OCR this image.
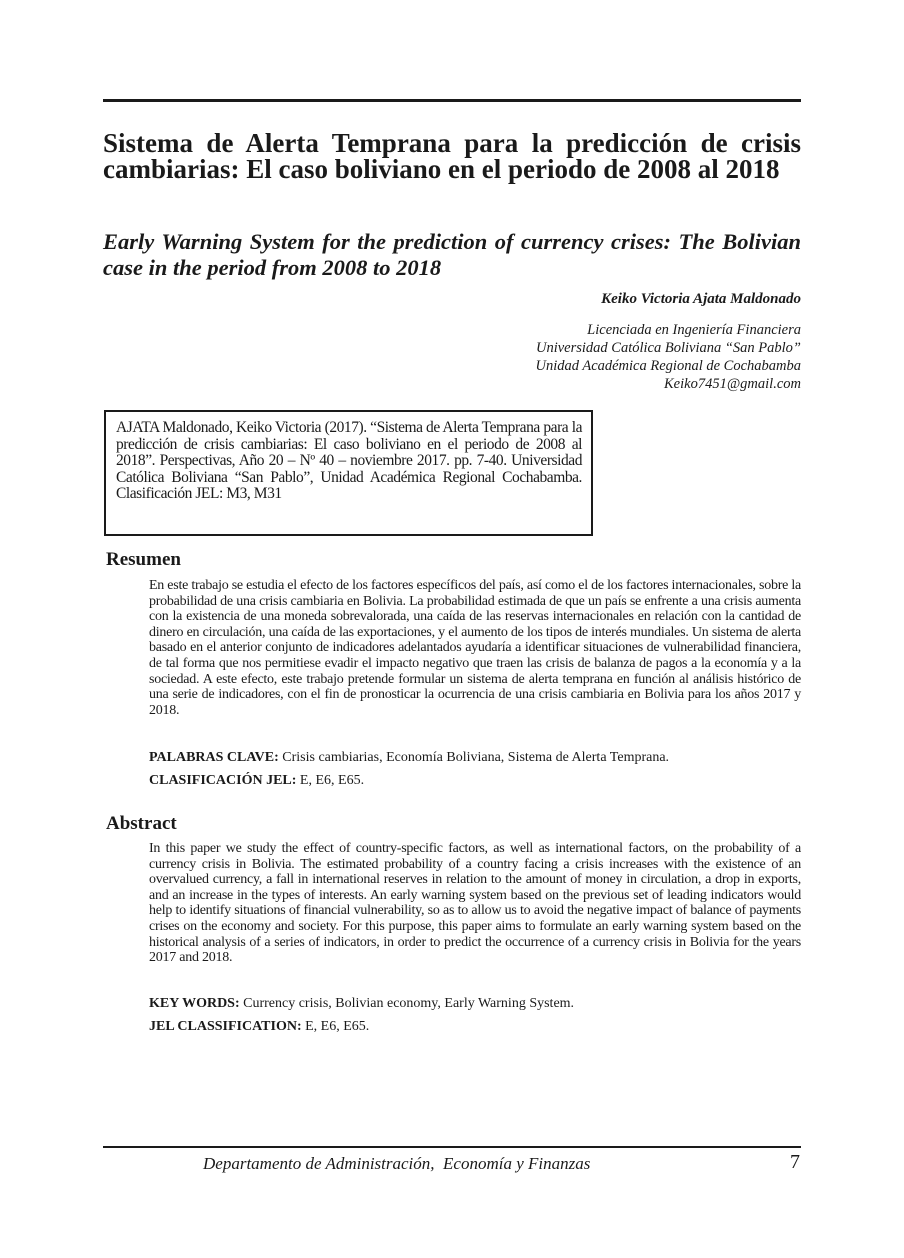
Sistema de Alerta Temprana para la predicción de crisis cambiarias: El caso boliviano en el periodo de 2008 al 2018
Early Warning System for the prediction of currency crises: The Bolivian case in the period from 2008 to 2018

Keiko Victoria Ajata Maldonado

Licenciada en Ingeniería Financiera
Universidad Católica Boliviana “San Pablo”
Unidad Académica Regional de Cochabamba
Keiko7451@gmail.com
AJATA Maldonado, Keiko Victoria (2017). “Sistema de Alerta Temprana para la predicción de crisis cambiarias: El caso boliviano en el periodo de 2008 al 2018”. Perspectivas, Año 20 – Nº 40 – noviembre 2017. pp. 7-40. Universidad Católica Boliviana “San Pablo”, Unidad Académica Regional Cochabamba. Clasificación JEL: M3, M31
Resumen
En este trabajo se estudia el efecto de los factores específicos del país, así como el de los factores internacionales, sobre la probabilidad de una crisis cambiaria en Bolivia. La probabilidad estimada de que un país se enfrente a una crisis aumenta con la existencia de una moneda sobrevalorada, una caída de las reservas internacionales en relación con la cantidad de dinero en circulación, una caída de las exportaciones, y el aumento de los tipos de interés mundiales. Un sistema de alerta basado en el anterior conjunto de indicadores adelantados ayudaría a identificar situaciones de vulnerabilidad financiera, de tal forma que nos permitiese evadir el impacto negativo que traen las crisis de balanza de pagos a la economía y a la sociedad. A este efecto, este trabajo pretende formular un sistema de alerta temprana en función al análisis histórico de una serie de indicadores, con el fin de pronosticar la ocurrencia de una crisis cambiaria en Bolivia para los años 2017 y 2018.

PALABRAS CLAVE: Crisis cambiarias, Economía Boliviana, Sistema de Alerta Temprana.

CLASIFICACIÓN JEL: E, E6, E65.

Abstract
In this paper we study the effect of country-specific factors, as well as international factors, on the probability of a currency crisis in Bolivia. The estimated probability of a country facing a crisis increases with the existence of an overvalued currency, a fall in international reserves in relation to the amount of money in circulation, a drop in exports, and an increase in the types of interests. An early warning system based on the previous set of leading indicators would help to identify situations of financial vulnerability, so as to allow us to avoid the negative impact of balance of payments crises on the economy and society. For this purpose, this paper aims to formulate an early warning system based on the historical analysis of a series of indicators, in order to predict the occurrence of a currency crisis in Bolivia for the years 2017 and 2018.

KEY WORDS: Currency crisis, Bolivian economy, Early Warning System.

JEL CLASSIFICATION: E, E6, E65.

Departamento de Administración,  Economía y Finanzas	7
